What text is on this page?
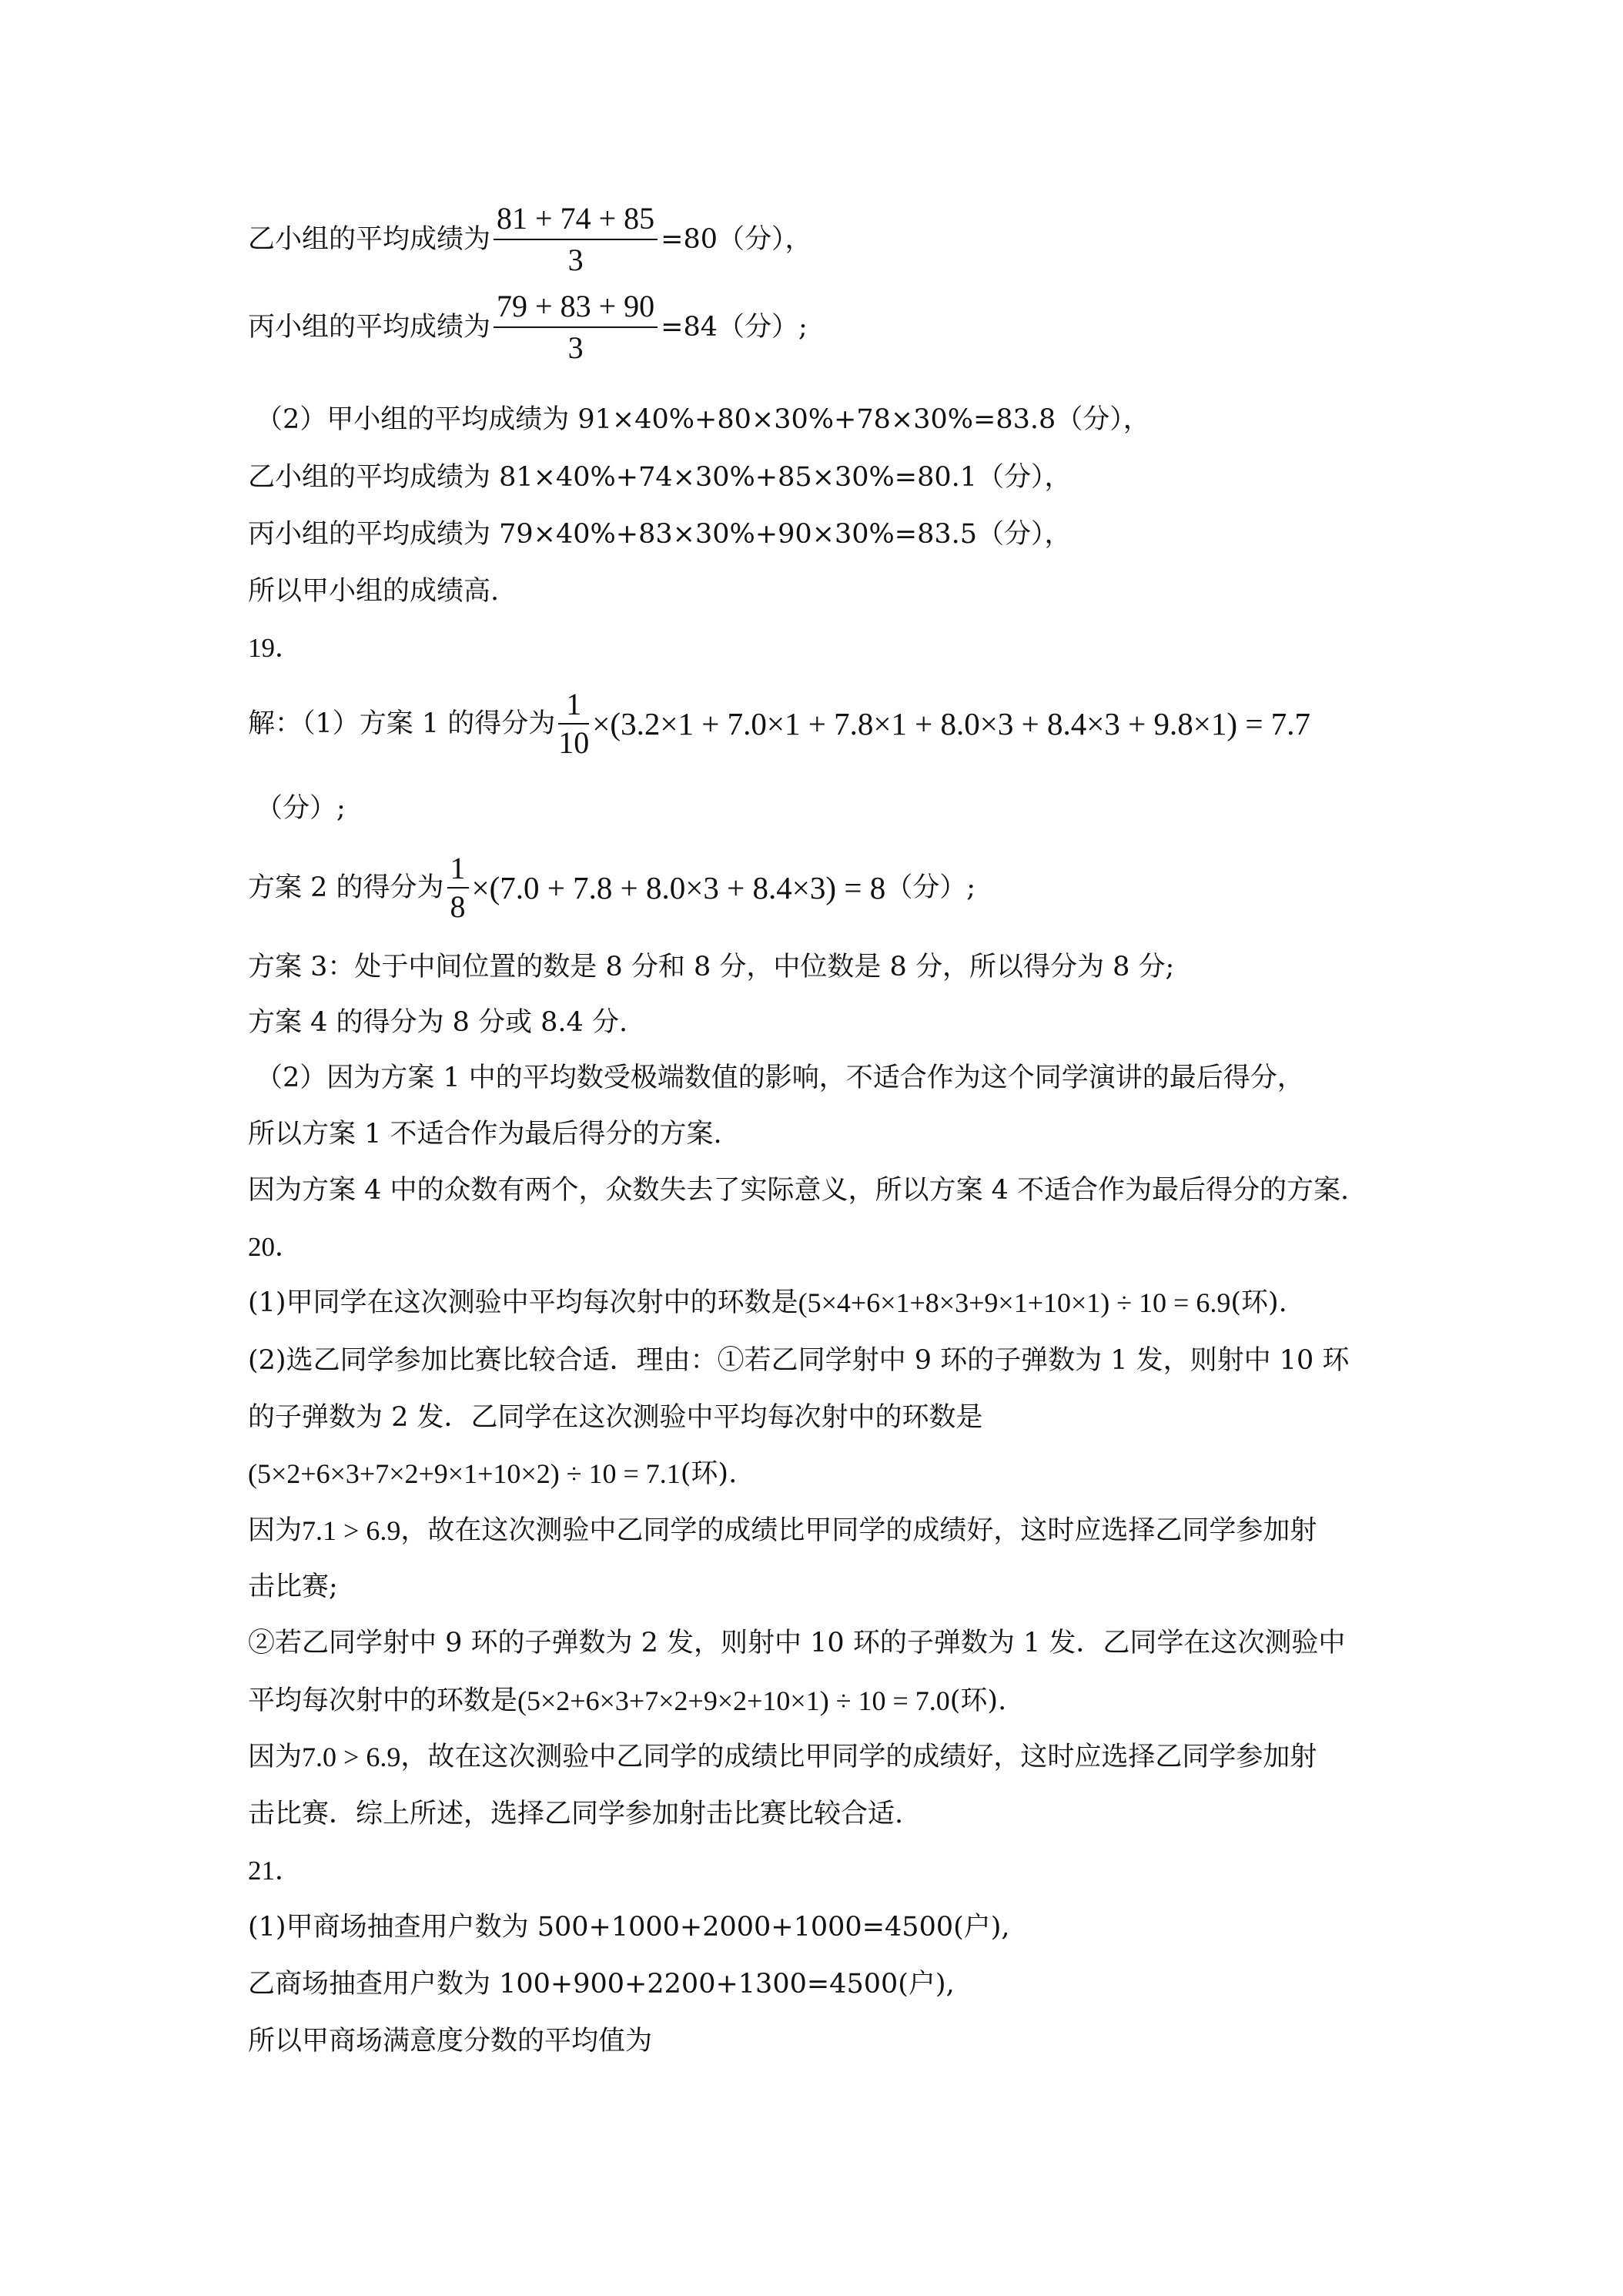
乙小组的平均成绩为 $\frac{81 + 74 + 85}{3} =80$（分），
丙小组的平均成绩为 $\frac{79 + 83 + 90}{3} =84$（分）;
（2）甲小组的平均成绩为 91×40%+80×30%+78×30%=83.8（分），
乙小组的平均成绩为 81×40%+74×30%+85×30%=80.1（分），
丙小组的平均成绩为 79×40%+83×30%+90×30%=83.5（分），
所以甲小组的成绩高.
19．
解：（1）方案 1 的得分为 $\frac{1}{10} \times(3.2\times 1 + 7.0\times 1 + 7.8\times 1 + 8.0\times 3 + 8.4\times 3 + 9.8\times 1) = 7.7$
（分）;
方案 2 的得分为 $\frac{1}{8} \times(7.0 + 7.8 + 8.0\times 3 + 8.4\times 3) = 8$ （分）;
方案 3：处于中间位置的数是 8 分和 8 分，中位数是 8 分，所以得分为 8 分;
方案 4 的得分为 8 分或 8.4 分.
（2）因为方案 1 中的平均数受极端数值的影响，不适合作为这个同学演讲的最后得分，
所以方案 1 不适合作为最后得分的方案.
因为方案 4 中的众数有两个，众数失去了实际意义，所以方案 4 不适合作为最后得分的方案.
20．
(1)甲同学在这次测验中平均每次射中的环数是 (5×4+6×1+8×3+9×1+10×1) ÷ 10 = 6.9 (环).
(2)选乙同学参加比赛比较合适．理由：①若乙同学射中 9 环的子弹数为 1 发，则射中 10 环
的子弹数为 2 发．乙同学在这次测验中平均每次射中的环数是
(5×2+6×3+7×2+9×1+10×2) ÷ 10 = 7.1 (环).
因为 7.1 > 6.9 ，故在这次测验中乙同学的成绩比甲同学的成绩好，这时应选择乙同学参加射
击比赛;
②若乙同学射中 9 环的子弹数为 2 发，则射中 10 环的子弹数为 1 发．乙同学在这次测验中
平均每次射中的环数是 (5×2+6×3+7×2+9×2+10×1) ÷ 10 = 7.0 (环).
因为 7.0 > 6.9 ，故在这次测验中乙同学的成绩比甲同学的成绩好，这时应选择乙同学参加射
击比赛．综上所述，选择乙同学参加射击比赛比较合适.
21．
(1)甲商场抽查用户数为 500+1000+2000+1000=4500(户),
乙商场抽查用户数为 100+900+2200+1300=4500(户),
所以甲商场满意度分数的平均值为
